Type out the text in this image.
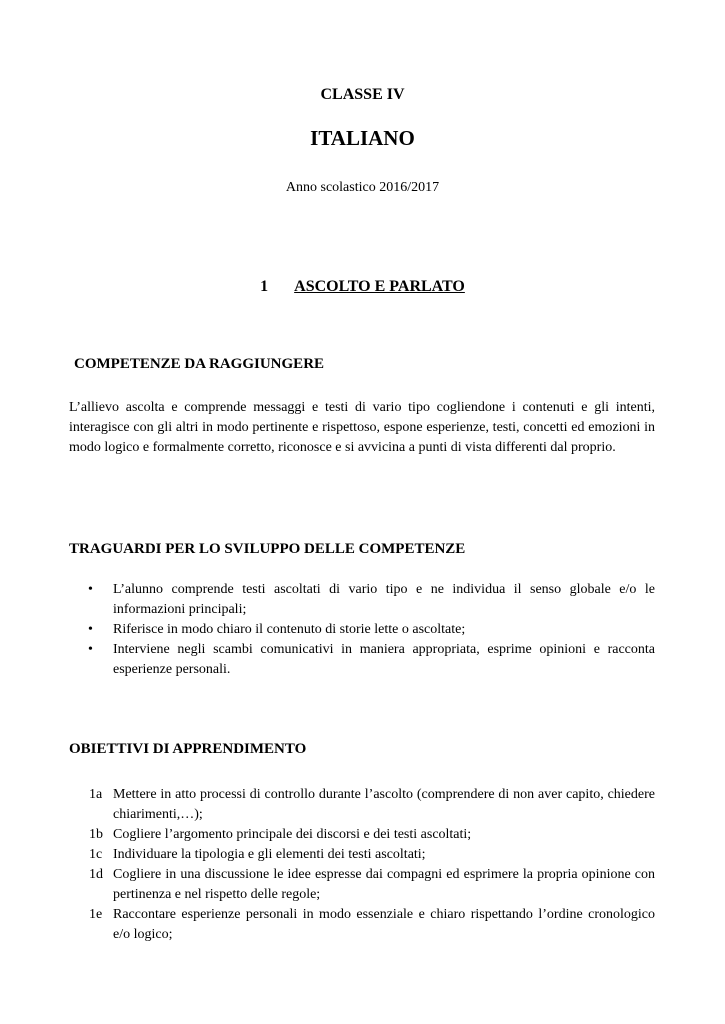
CLASSE IV
ITALIANO
Anno scolastico 2016/2017
1 ASCOLTO E PARLATO
COMPETENZE DA RAGGIUNGERE
L’allievo ascolta e comprende messaggi e testi di vario tipo cogliendone i contenuti e gli intenti, interagisce con gli altri in modo pertinente e rispettoso, espone esperienze, testi, concetti ed emozioni in modo logico e formalmente corretto, riconosce e si avvicina a punti di vista differenti dal proprio.
TRAGUARDI PER LO SVILUPPO DELLE COMPETENZE
• L’alunno comprende testi ascoltati di vario tipo e ne individua il senso globale e/o le informazioni principali;
• Riferisce in modo chiaro il contenuto di storie lette o ascoltate;
• Interviene negli scambi comunicativi in maniera appropriata, esprime opinioni e racconta esperienze personali.
OBIETTIVI DI APPRENDIMENTO
1a Mettere in atto processi di controllo durante l’ascolto (comprendere di non aver capito, chiedere chiarimenti,…);
1b Cogliere l’argomento principale dei discorsi e dei testi ascoltati;
1c Individuare la tipologia e gli elementi dei testi ascoltati;
1d Cogliere in una discussione le idee espresse dai compagni ed esprimere la propria opinione con pertinenza e nel rispetto delle regole;
1e Raccontare esperienze personali in modo essenziale e chiaro rispettando l’ordine cronologico e/o logico;
